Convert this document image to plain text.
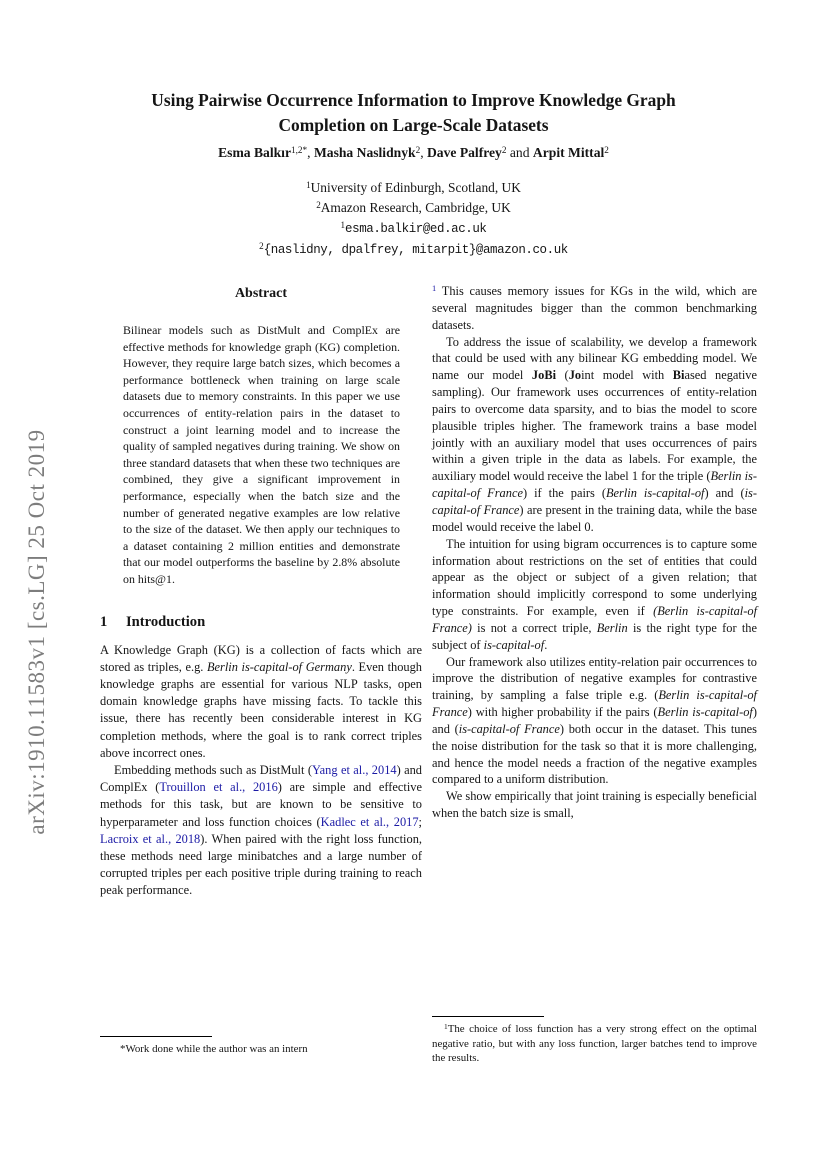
arXiv:1910.11583v1 [cs.LG] 25 Oct 2019
Using Pairwise Occurrence Information to Improve Knowledge Graph
Completion on Large-Scale Datasets
Esma Balkır$^{1,2*}$, Masha Naslidnyk$^2$, Dave Palfrey$^2$ and Arpit Mittal$^2$
$^1$University of Edinburgh, Scotland, UK
$^2$Amazon Research, Cambridge, UK
$^1$esma.balkir@ed.ac.uk
$^2${naslidny, dpalfrey, mitarpit}@amazon.co.uk
Abstract

Bilinear models such as DistMult and ComplEx are effective methods for knowledge graph (KG) completion. However, they require large batch sizes, which becomes a performance bottleneck when training on large scale datasets due to memory constraints. In this paper we use occurrences of entity-relation pairs in the dataset to construct a joint learning model and to increase the quality of sampled negatives during training. We show on three standard datasets that when these two techniques are combined, they give a significant improvement in performance, especially when the batch size and the number of generated negative examples are low relative to the size of the dataset. We then apply our techniques to a dataset containing 2 million entities and demonstrate that our model outperforms the baseline by 2.8% absolute on hits@1.

1 Introduction

A Knowledge Graph (KG) is a collection of facts which are stored as triples, e.g. Berlin is-capital-of Germany. Even though knowledge graphs are essential for various NLP tasks, open domain knowledge graphs have missing facts. To tackle this issue, there has recently been considerable interest in KG completion methods, where the goal is to rank correct triples above incorrect ones.

Embedding methods such as DistMult (Yang et al., 2014) and ComplEx (Trouillon et al., 2016) are simple and effective methods for this task, but are known to be sensitive to hyperparameter and loss function choices (Kadlec et al., 2017; Lacroix et al., 2018). When paired with the right loss function, these methods need large minibatches and a large number of corrupted triples per each positive triple during training to reach peak performance.

$^1$ This causes memory issues for KGs in the wild, which are several magnitudes bigger than the common benchmarking datasets.

To address the issue of scalability, we develop a framework that could be used with any bilinear KG embedding model. We name our model JoBi (Joint model with Biased negative sampling). Our framework uses occurrences of entity-relation pairs to overcome data sparsity, and to bias the model to score plausible triples higher. The framework trains a base model jointly with an auxiliary model that uses occurrences of pairs within a given triple in the data as labels. For example, the auxiliary model would receive the label 1 for the triple (Berlin is-capital-of France) if the pairs (Berlin is-capital-of) and (is-capital-of France) are present in the training data, while the base model would receive the label 0.

The intuition for using bigram occurrences is to capture some information about restrictions on the set of entities that could appear as the object or subject of a given relation; that information should implicitly correspond to some underlying type constraints. For example, even if (Berlin is-capital-of France) is not a correct triple, Berlin is the right type for the subject of is-capital-of.

Our framework also utilizes entity-relation pair occurrences to improve the distribution of negative examples for contrastive training, by sampling a false triple e.g. (Berlin is-capital-of France) with higher probability if the pairs (Berlin is-capital-of) and (is-capital-of France) both occur in the dataset. This tunes the noise distribution for the task so that it is more challenging, and hence the model needs a fraction of the negative examples compared to a uniform distribution.

We show empirically that joint training is especially beneficial when the batch size is small,

*Work done while the author was an intern

$^1$The choice of loss function has a very strong effect on the optimal negative ratio, but with any loss function, larger batches tend to improve the results.
